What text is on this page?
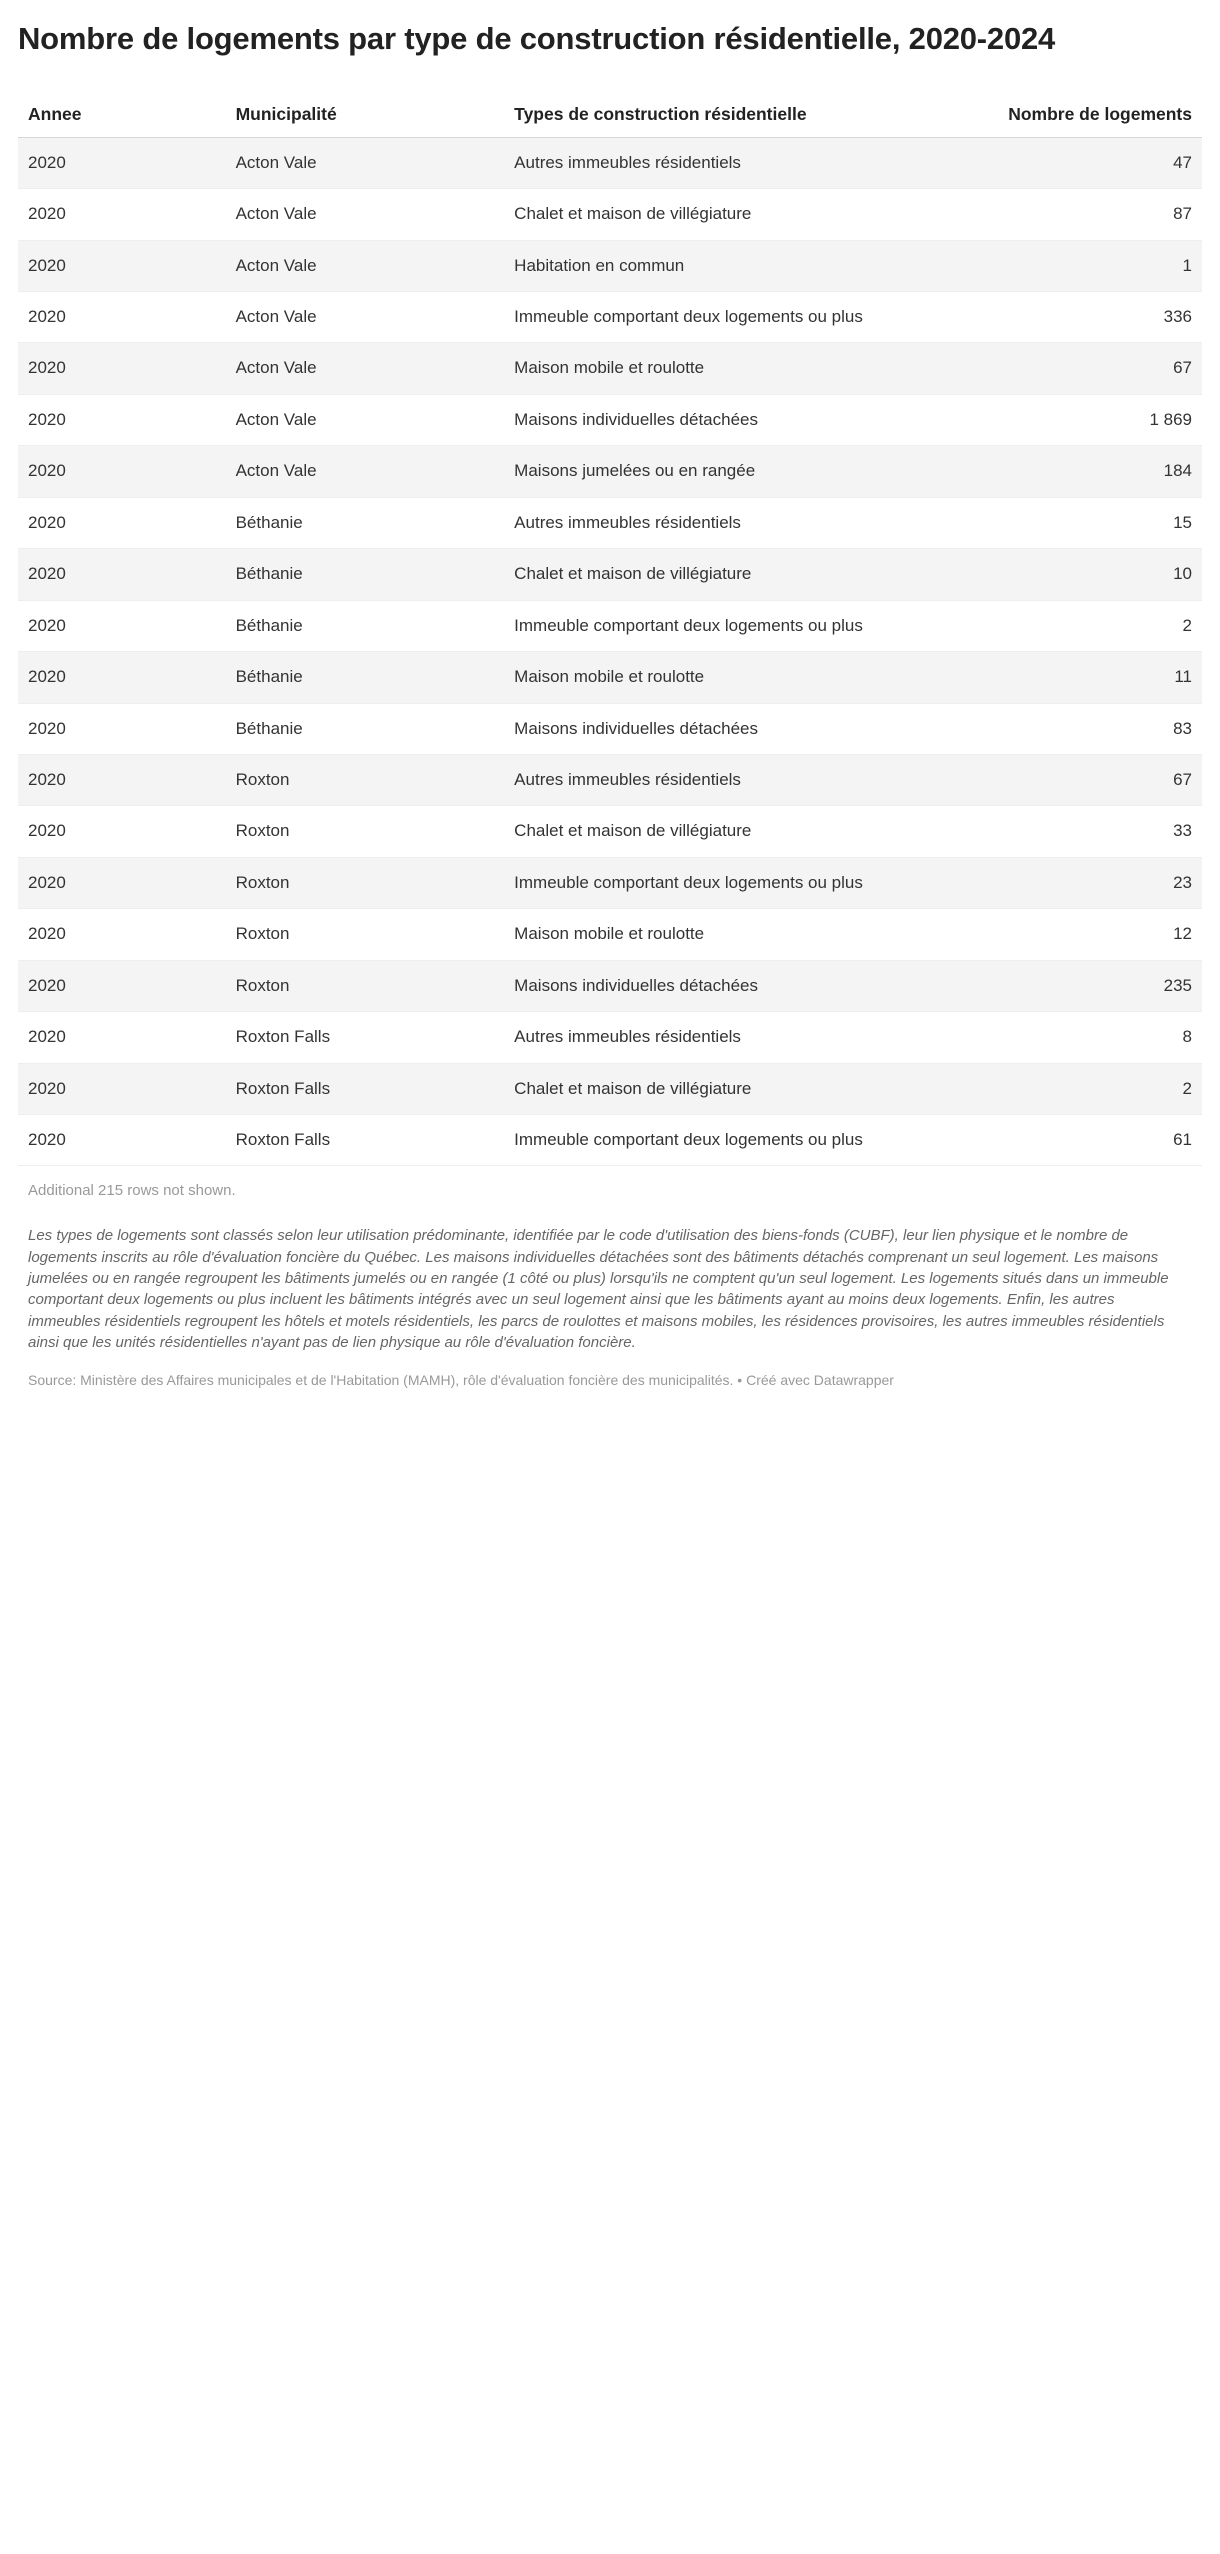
Nombre de logements par type de construction résidentielle, 2020-2024
Annee	Municipalité	Types de construction résidentielle	Nombre de logements
2020	Acton Vale	Autres immeubles résidentiels	47
2020	Acton Vale	Chalet et maison de villégiature	87
2020	Acton Vale	Habitation en commun	1
2020	Acton Vale	Immeuble comportant deux logements ou plus	336
2020	Acton Vale	Maison mobile et roulotte	67
2020	Acton Vale	Maisons individuelles détachées	1 869
2020	Acton Vale	Maisons jumelées ou en rangée	184
2020	Béthanie	Autres immeubles résidentiels	15
2020	Béthanie	Chalet et maison de villégiature	10
2020	Béthanie	Immeuble comportant deux logements ou plus	2
2020	Béthanie	Maison mobile et roulotte	11
2020	Béthanie	Maisons individuelles détachées	83
2020	Roxton	Autres immeubles résidentiels	67
2020	Roxton	Chalet et maison de villégiature	33
2020	Roxton	Immeuble comportant deux logements ou plus	23
2020	Roxton	Maison mobile et roulotte	12
2020	Roxton	Maisons individuelles détachées	235
2020	Roxton Falls	Autres immeubles résidentiels	8
2020	Roxton Falls	Chalet et maison de villégiature	2
2020	Roxton Falls	Immeuble comportant deux logements ou plus	61
Additional 215 rows not shown.
Les types de logements sont classés selon leur utilisation prédominante, identifiée par le code d'utilisation des biens-fonds (CUBF), leur lien physique et le nombre de logements inscrits au rôle d'évaluation foncière du Québec. Les maisons individuelles détachées sont des bâtiments détachés comprenant un seul logement. Les maisons jumelées ou en rangée regroupent les bâtiments jumelés ou en rangée (1 côté ou plus) lorsqu'ils ne comptent qu'un seul logement. Les logements situés dans un immeuble comportant deux logements ou plus incluent les bâtiments intégrés avec un seul logement ainsi que les bâtiments ayant au moins deux logements. Enfin, les autres immeubles résidentiels regroupent les hôtels et motels résidentiels, les parcs de roulottes et maisons mobiles, les résidences provisoires, les autres immeubles résidentiels ainsi que les unités résidentielles n'ayant pas de lien physique au rôle d'évaluation foncière.
Source: Ministère des Affaires municipales et de l'Habitation (MAMH), rôle d'évaluation foncière des municipalités. • Créé avec Datawrapper
